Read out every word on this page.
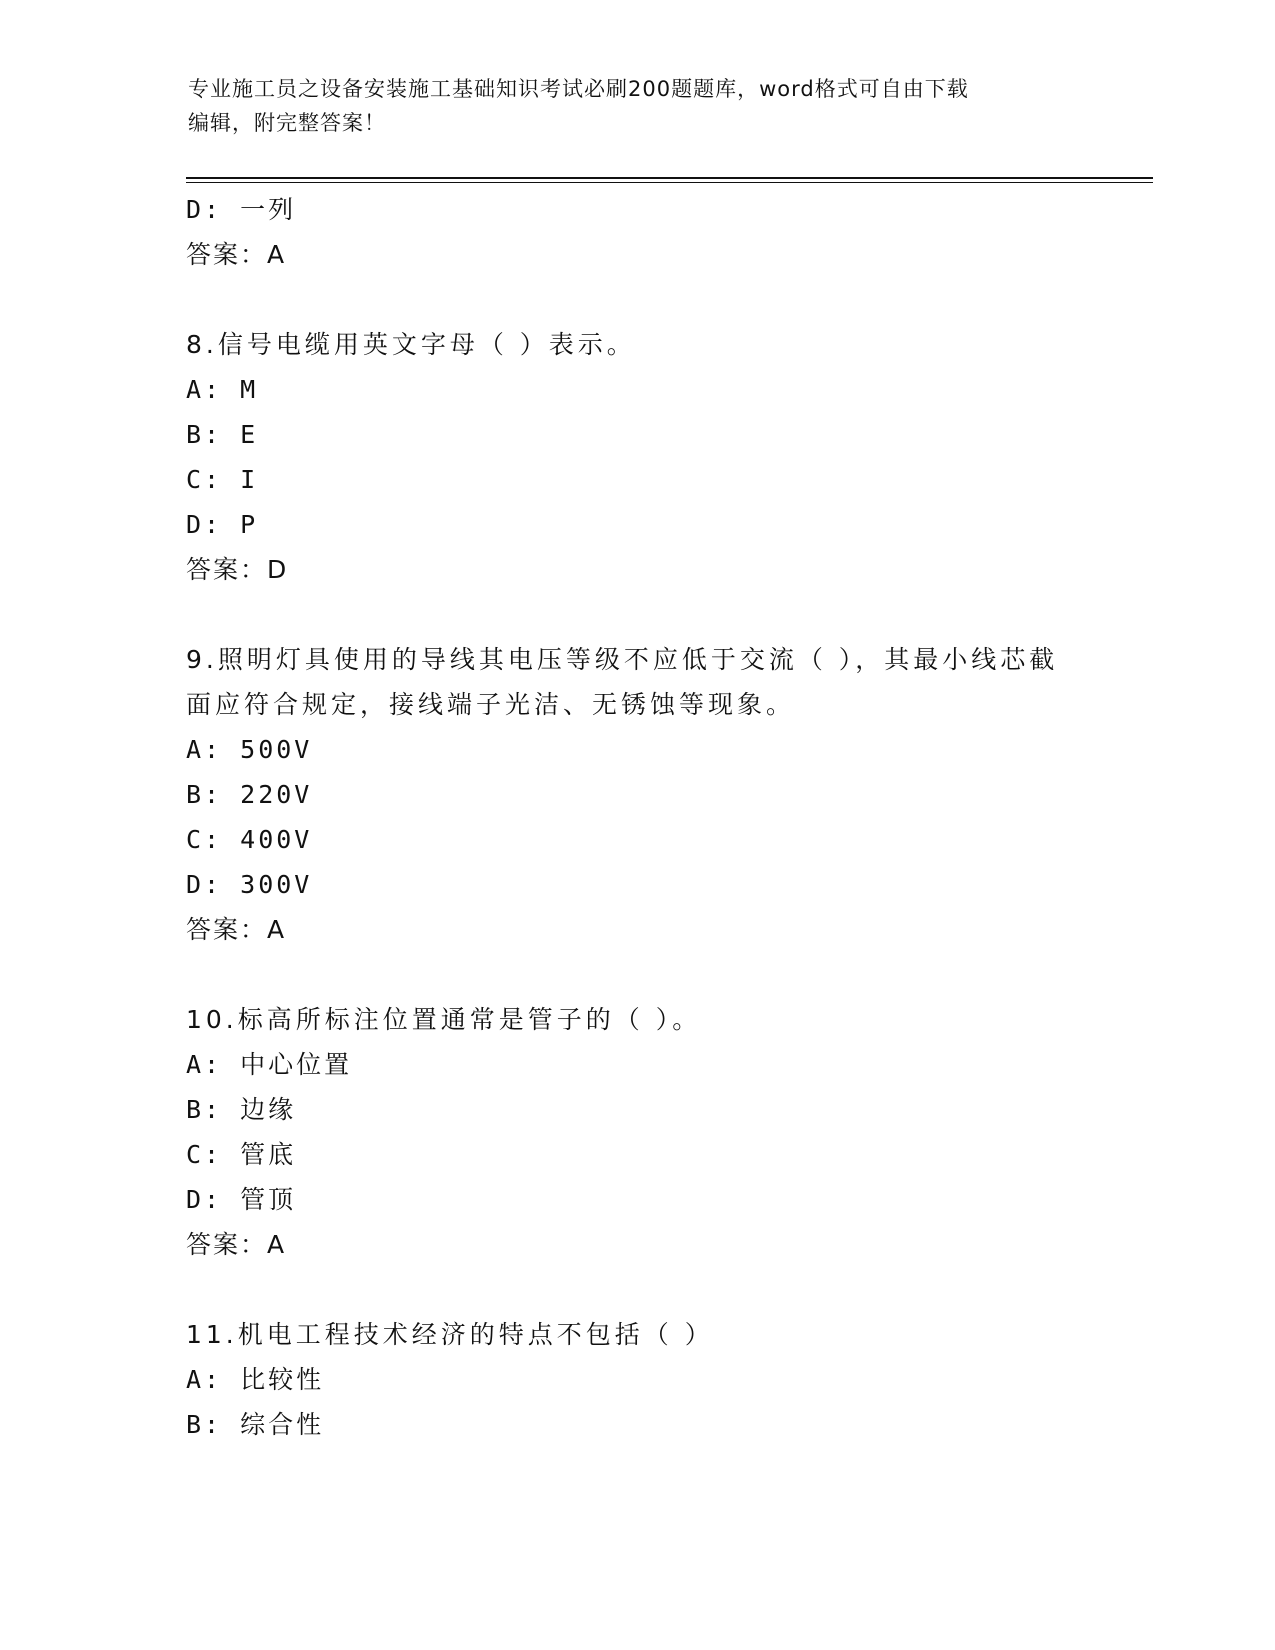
专业施工员之设备安装施工基础知识考试必刷200题题库，word格式可自由下载
编辑，附完整答案！
D: 一列
答案：A
8.信号电缆用英文字母（ ）表示。
A: M
B: E
C: I
D: P
答案：D
9.照明灯具使用的导线其电压等级不应低于交流（ ），其最小线芯截
面应符合规定，接线端子光洁、无锈蚀等现象。
A: 500V
B: 220V
C: 400V
D: 300V
答案：A
10.标高所标注位置通常是管子的（ ）。
A: 中心位置
B: 边缘
C: 管底
D: 管顶
答案：A
11.机电工程技术经济的特点不包括（ ）
A: 比较性
B: 综合性
